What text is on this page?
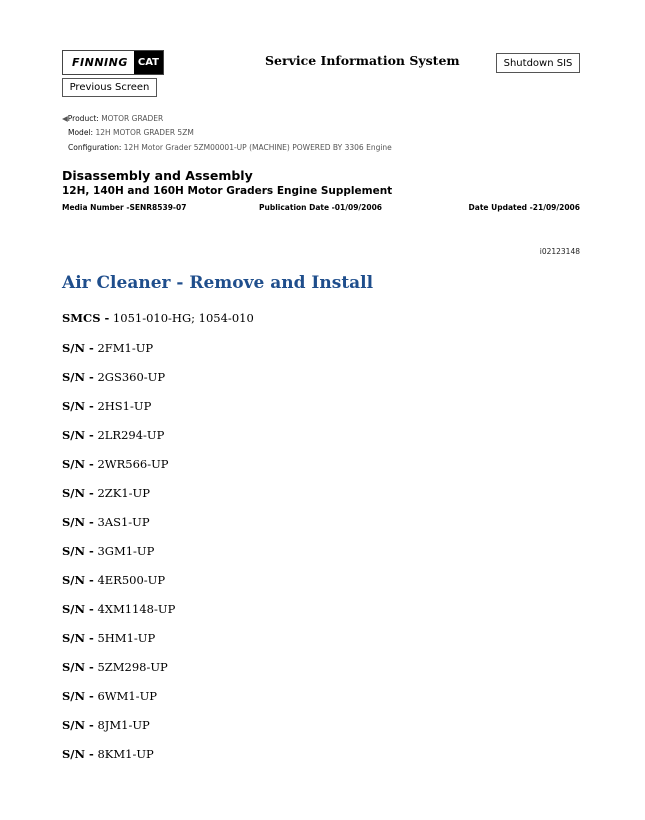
FINNING	CAT
Previous Screen
Service Information System	Shutdown SIS
◀Product: MOTOR GRADER
Model: 12H MOTOR GRADER 5ZM
Configuration: 12H Motor Grader 5ZM00001-UP (MACHINE) POWERED BY 3306 Engine
Disassembly and Assembly
12H, 140H and 160H Motor Graders Engine Supplement
Media Number -SENR8539-07	Publication Date -01/09/2006	Date Updated -21/09/2006
i02123148
Air Cleaner - Remove and Install
SMCS - 1051-010-HG; 1054-010
S/N - 2FM1-UP
S/N - 2GS360-UP
S/N - 2HS1-UP
S/N - 2LR294-UP
S/N - 2WR566-UP
S/N - 2ZK1-UP
S/N - 3AS1-UP
S/N - 3GM1-UP
S/N - 4ER500-UP
S/N - 4XM1148-UP
S/N - 5HM1-UP
S/N - 5ZM298-UP
S/N - 6WM1-UP
S/N - 8JM1-UP
S/N - 8KM1-UP
